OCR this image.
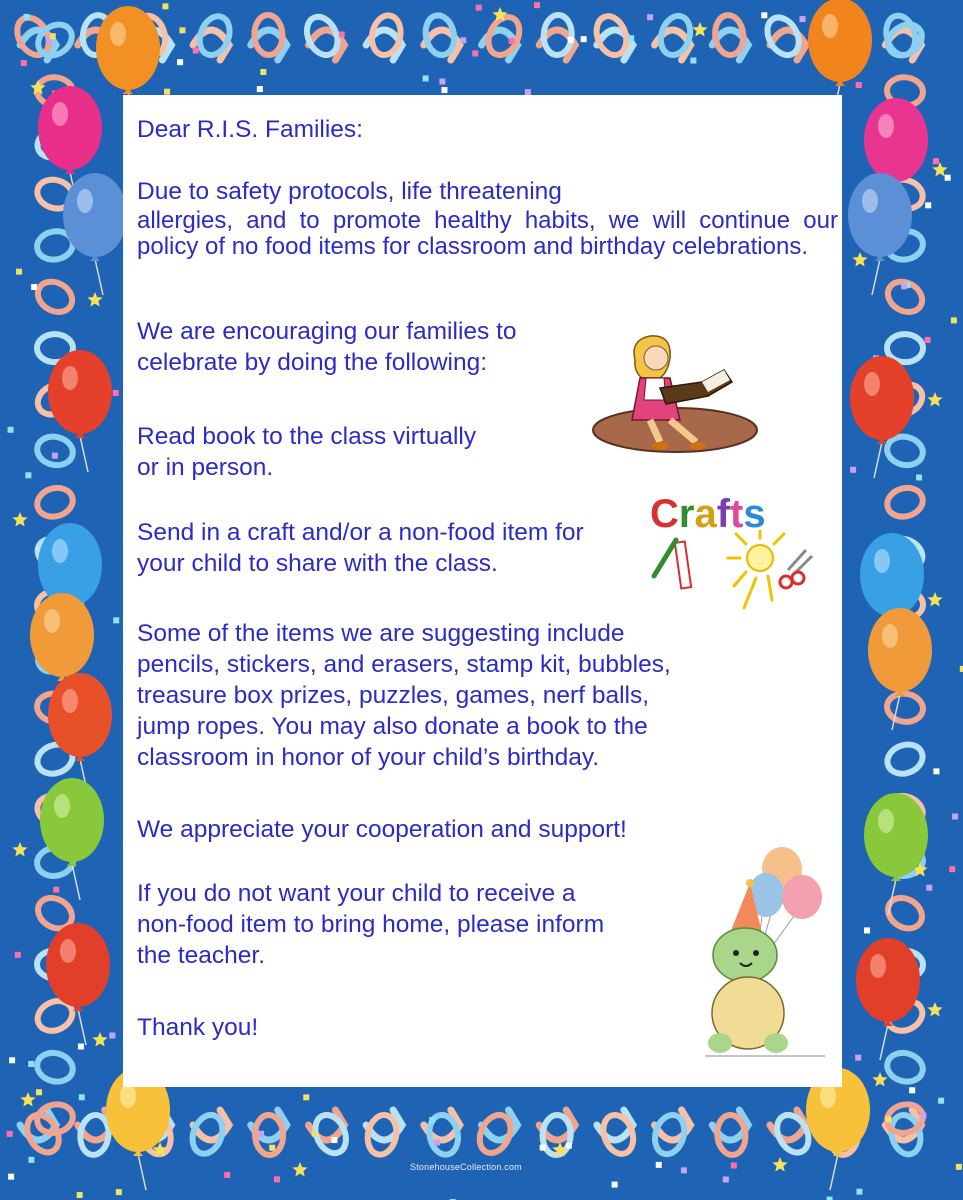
StonehouseCollection.com

Dear R.I.S. Families:

Due to safety protocols, life threatening

allergies, and to promote healthy habits, we will continue our policy of no food items for classroom and birthday celebrations.

We are encouraging our families to
celebrate by doing the following:

Read book to the class virtually
or in person.

Send in a craft and/or a non-food item for
your child to share with the class.

Some of the items we are suggesting include
pencils, stickers, and erasers, stamp kit, bubbles,
treasure box prizes, puzzles, games, nerf balls,
jump ropes. You may also donate a book to the
classroom in honor of your child’s birthday.

We appreciate your cooperation and support!

If you do not want your child to receive a
non-food item to bring home, please inform
the teacher.

Thank you!

Crafts
